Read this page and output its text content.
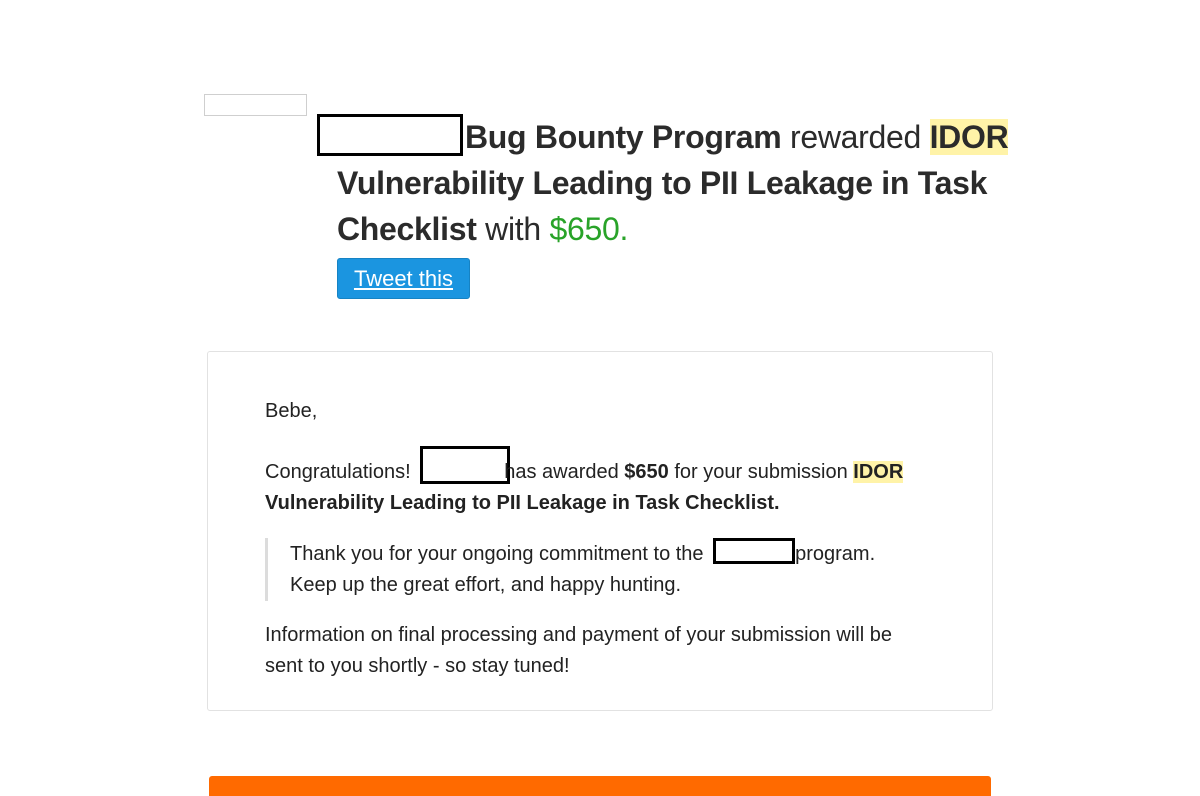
Bug Bounty Program rewarded IDOR Vulnerability Leading to PII Leakage in Task Checklist with $650.
Tweet this

Bebe,

Congratulations!	has awarded $650 for your submission IDOR Vulnerability Leading to PII Leakage in Task Checklist.

Thank you for your ongoing commitment to the	program. Keep up the great effort, and happy hunting.

Information on final processing and payment of your submission will be sent to you shortly - so stay tuned!
